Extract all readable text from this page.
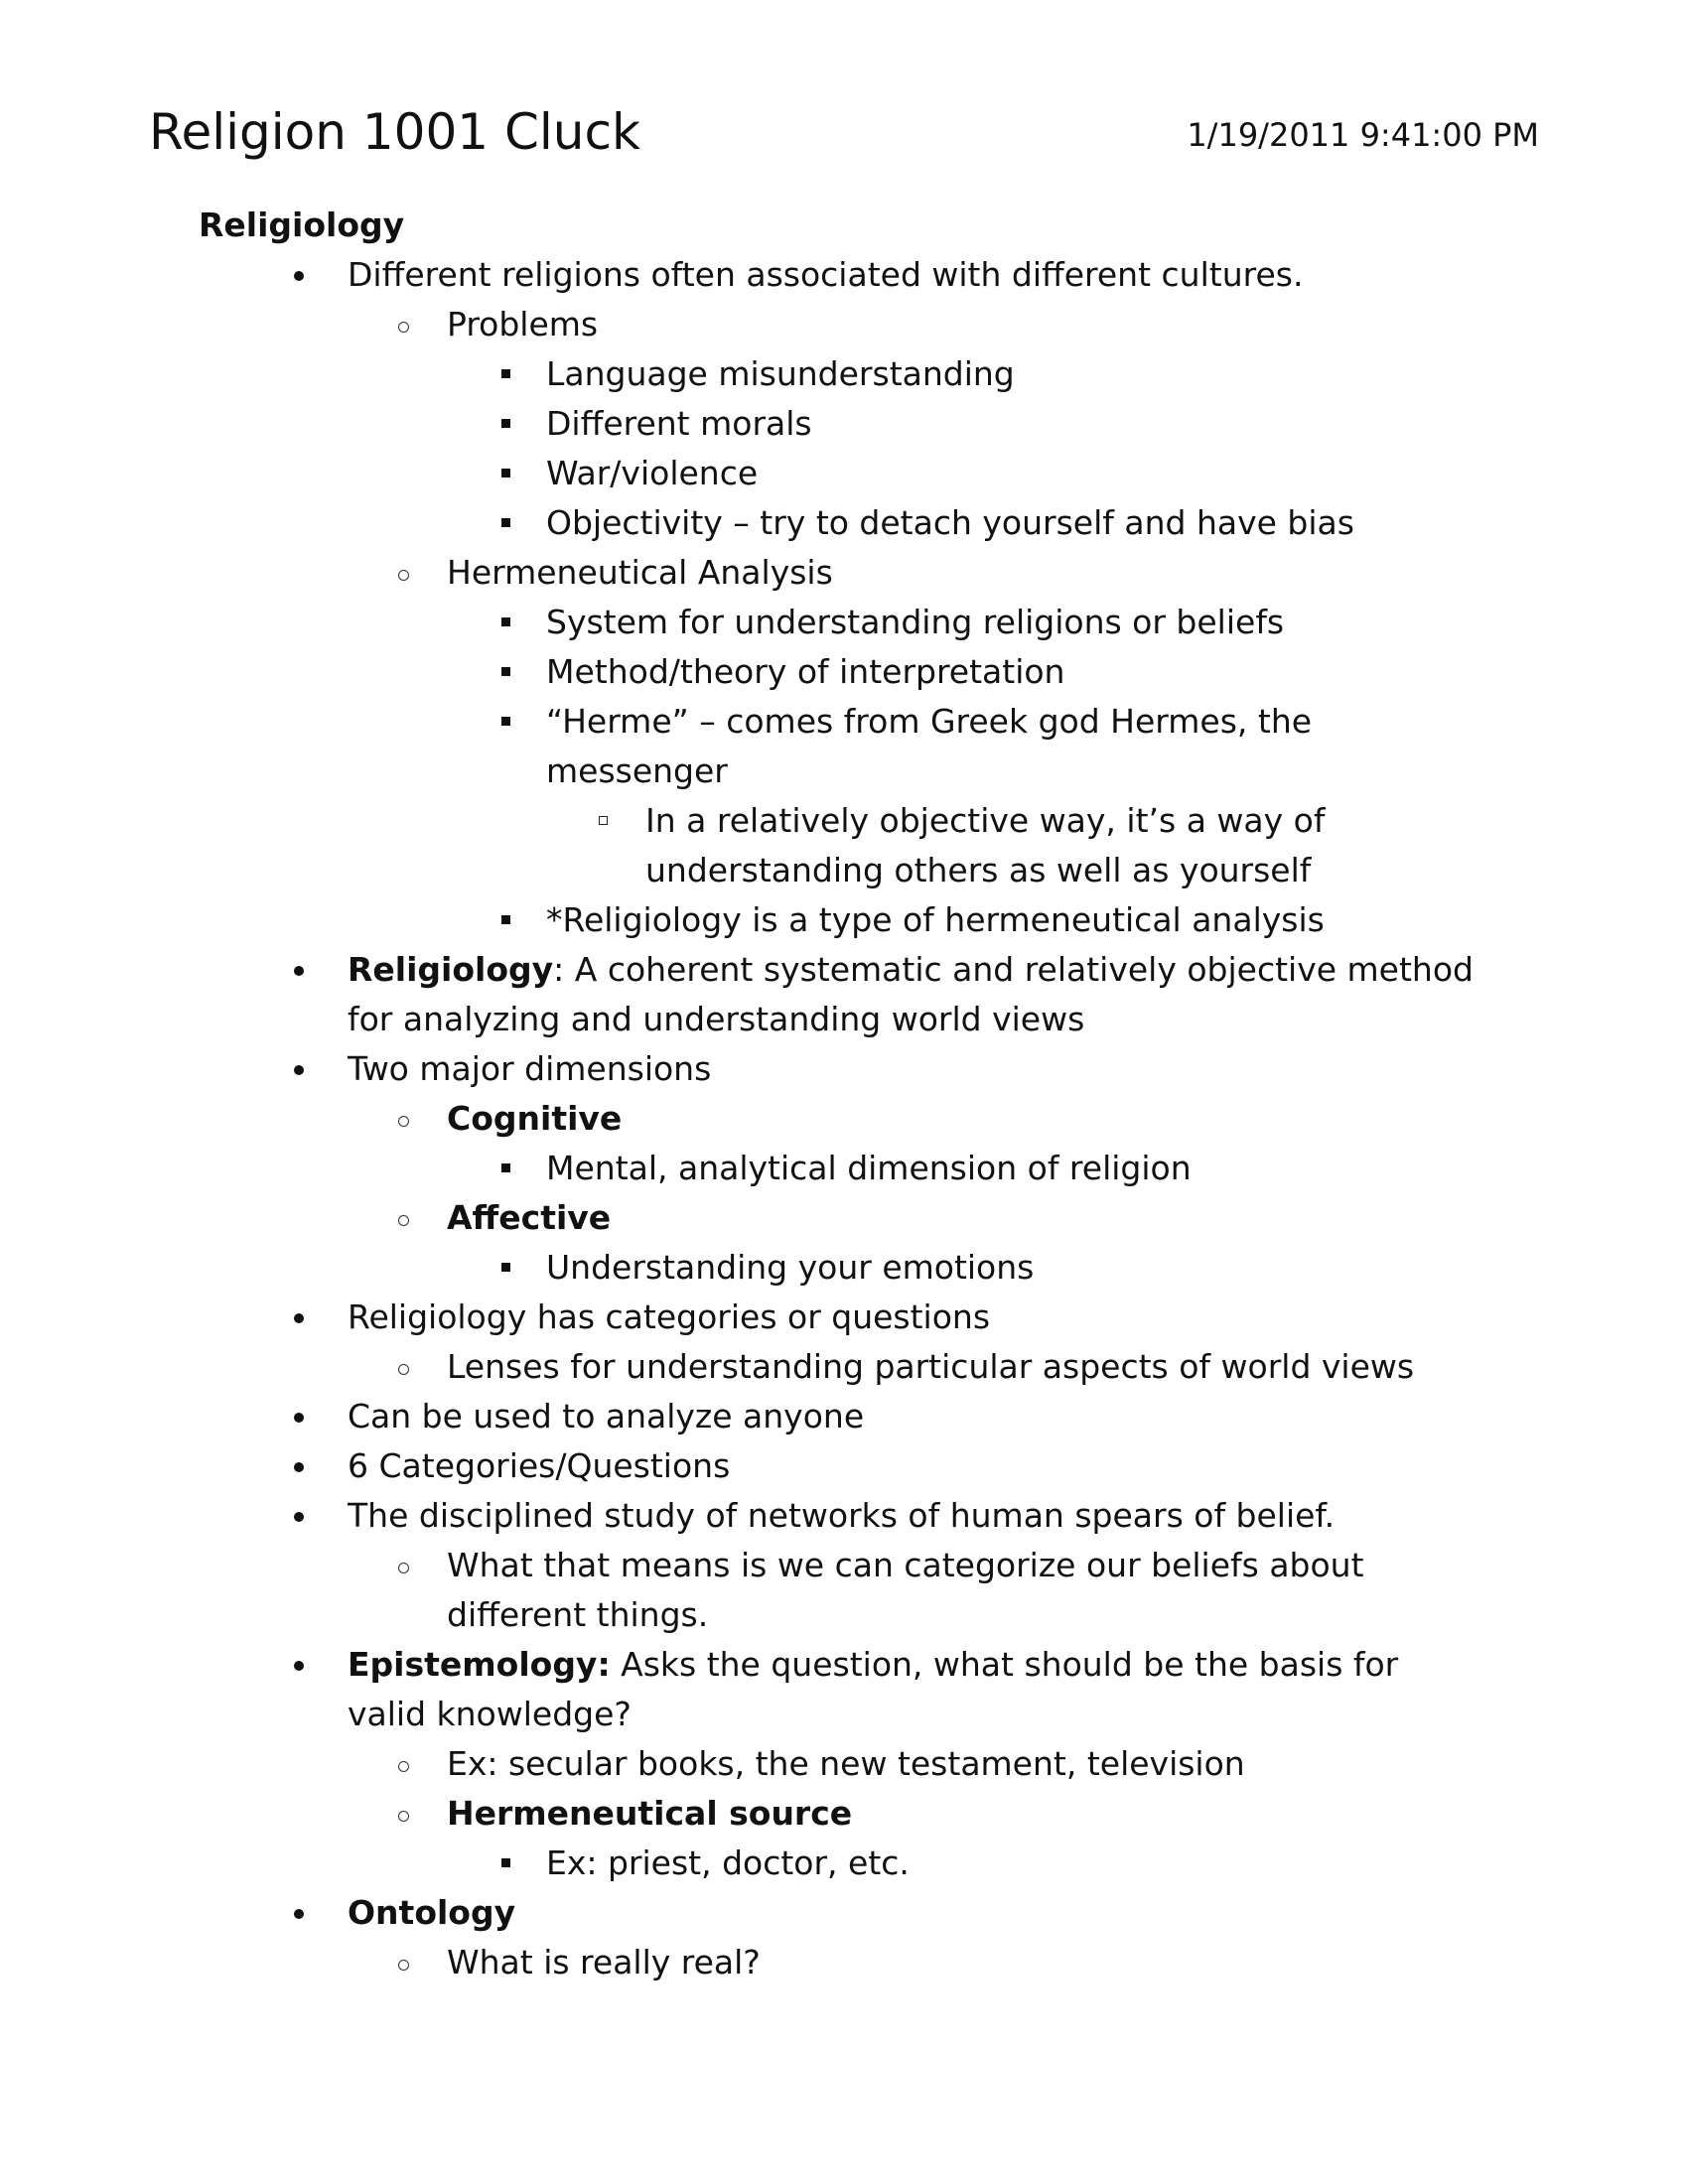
Religion 1001 Cluck	1/19/2011 9:41:00 PM
Religiology
Different religions often associated with different cultures.
Problems
Language misunderstanding
Different morals
War/violence
Objectivity – try to detach yourself and have bias
Hermeneutical Analysis
System for understanding religions or beliefs
Method/theory of interpretation
“Herme” – comes from Greek god Hermes, the
messenger
In a relatively objective way, it’s a way of
understanding others as well as yourself
*Religiology is a type of hermeneutical analysis
Religiology: A coherent systematic and relatively objective method
for analyzing and understanding world views
Two major dimensions
Cognitive
Mental, analytical dimension of religion
Affective
Understanding your emotions
Religiology has categories or questions
Lenses for understanding particular aspects of world views
Can be used to analyze anyone
6 Categories/Questions
The disciplined study of networks of human spears of belief.
What that means is we can categorize our beliefs about
different things.
Epistemology: Asks the question, what should be the basis for
valid knowledge?
Ex: secular books, the new testament, television
Hermeneutical source
Ex: priest, doctor, etc.
Ontology
What is really real?
